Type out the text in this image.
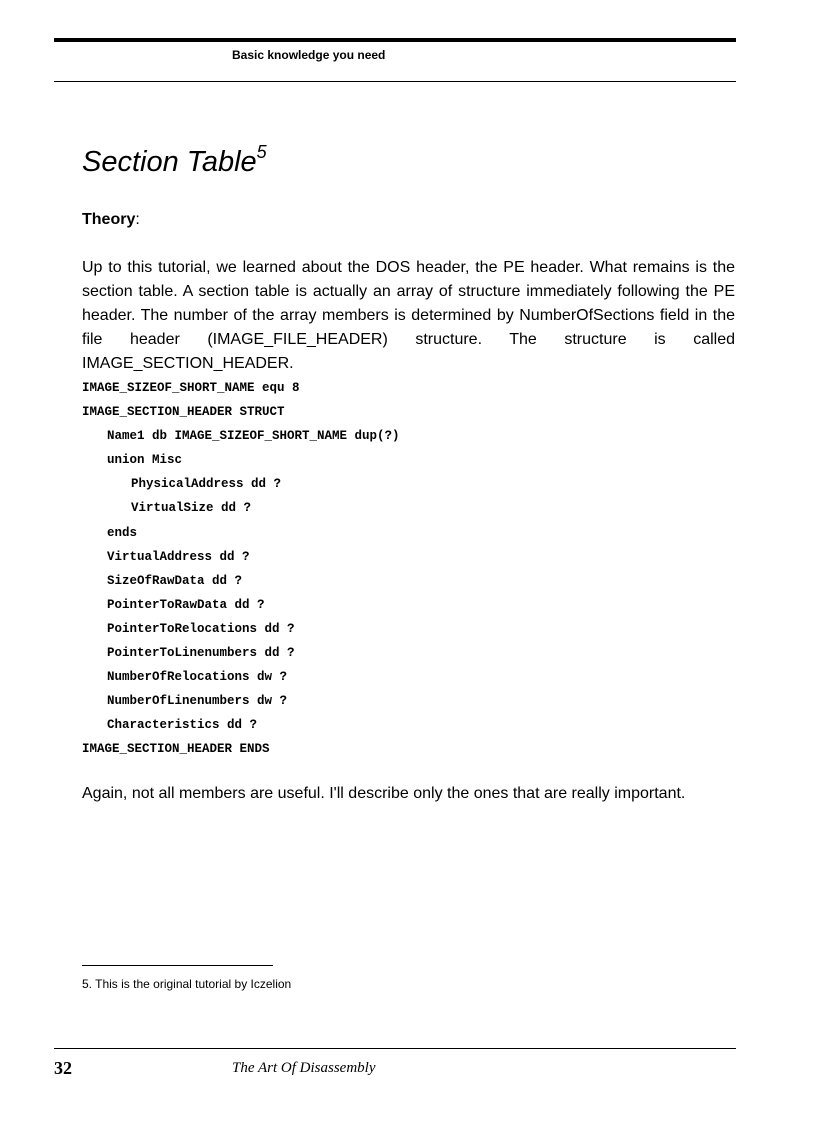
Basic knowledge you need
Section Table$^5$
Theory:

Up to this tutorial, we learned about the DOS header, the PE header. What remains is the section table. A section table is actually an array of structure immediately following the PE header. The number of the array members is determined by NumberOfSections field in the file header (IMAGE_FILE_HEADER) structure. The structure is called IMAGE_SECTION_HEADER.

IMAGE_SIZEOF_SHORT_NAME equ 8
IMAGE_SECTION_HEADER STRUCT
Name1 db IMAGE_SIZEOF_SHORT_NAME dup(?)
union Misc
PhysicalAddress dd ?
VirtualSize dd ?
ends
VirtualAddress dd ?
SizeOfRawData dd ?
PointerToRawData dd ?
PointerToRelocations dd ?
PointerToLinenumbers dd ?
NumberOfRelocations dw ?
NumberOfLinenumbers dw ?
Characteristics dd ?
IMAGE_SECTION_HEADER ENDS

Again, not all members are useful. I'll describe only the ones that are really important.

5. This is the original tutorial by Iczelion
32	The Art Of Disassembly
